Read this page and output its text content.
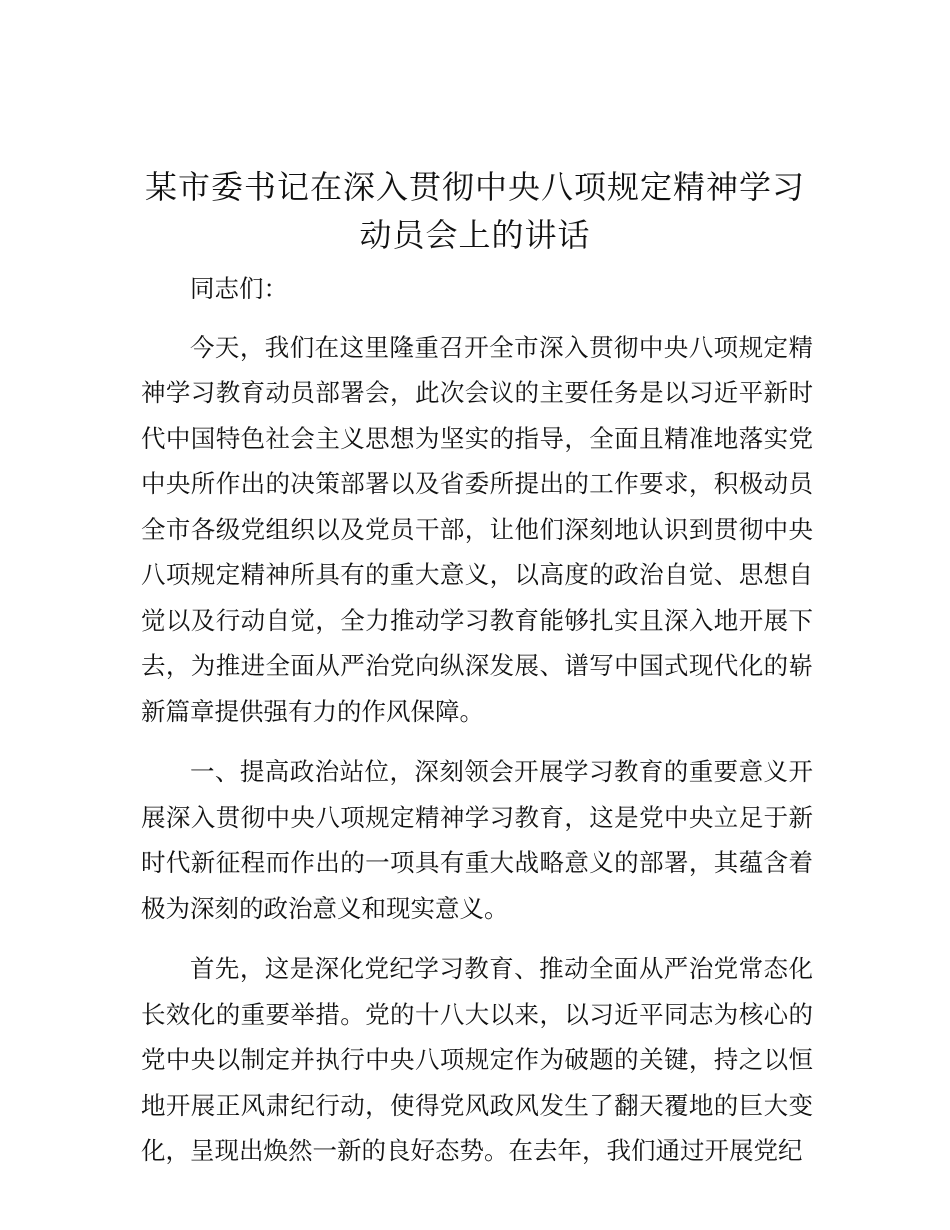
某市委书记在深入贯彻中央八项规定精神学习
动员会上的讲话

同志们：

今天，我们在这里隆重召开全市深入贯彻中央八项规定精神学习教育动员部署会，此次会议的主要任务是以习近平新时代中国特色社会主义思想为坚实的指导，全面且精准地落实党中央所作出的决策部署以及省委所提出的工作要求，积极动员全市各级党组织以及党员干部，让他们深刻地认识到贯彻中央八项规定精神所具有的重大意义，以高度的政治自觉、思想自觉以及行动自觉，全力推动学习教育能够扎实且深入地开展下去，为推进全面从严治党向纵深发展、谱写中国式现代化的崭新篇章提供强有力的作风保障。

一、提高政治站位，深刻领会开展学习教育的重要意义开展深入贯彻中央八项规定精神学习教育，这是党中央立足于新时代新征程而作出的一项具有重大战略意义的部署，其蕴含着极为深刻的政治意义和现实意义。

首先，这是深化党纪学习教育、推动全面从严治党常态化长效化的重要举措。党的十八大以来，以习近平同志为核心的党中央以制定并执行中央八项规定作为破题的关键，持之以恒地开展正风肃纪行动，使得党风政风发生了翻天覆地的巨大变化，呈现出焕然一新的良好态势。在去年，我们通过开展党纪
